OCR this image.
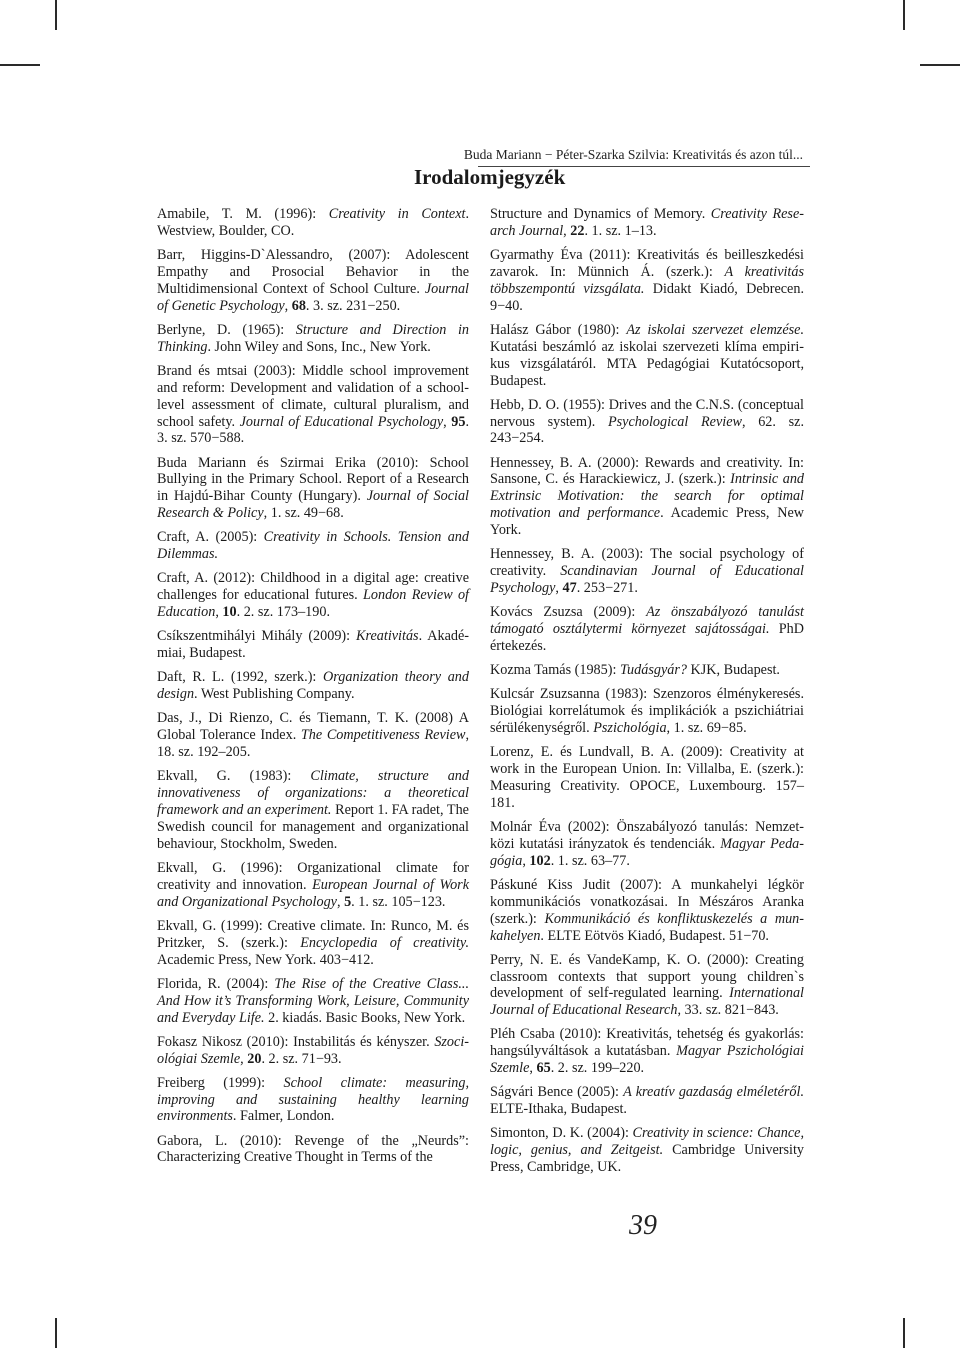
Buda Mariann − Péter-Szarka Szilvia: Kreativitás és azon túl...
Irodalomjegyzék

Amabile, T. M. (1996): Creativity in Context. Westview, Boulder, CO.

Barr, Higgins-D`Alessandro, (2007): Adolescent Empathy and Prosocial Behavior in the Multidimensional Context of School Culture. Journal of Genetic Psychology, 68. 3. sz. 231−250.

Berlyne, D. (1965): Structure and Direction in Thinking. John Wiley and Sons, Inc., New York.

Brand és mtsai (2003): Middle school improvement and reform: Development and validation of a school-level assessment of climate, cultural pluralism, and school safety. Journal of Educational Psychology, 95. 3. sz. 570−588.

Buda Mariann és Szirmai Erika (2010): School Bullying in the Primary School. Report of a Research in Hajdú-Bihar County (Hungary). Journal of Social Research & Policy, 1. sz. 49−68.

Craft, A. (2005): Creativity in Schools. Tension and Dilemmas.

Craft, A. (2012): Childhood in a digital age: creative challenges for educational futures. London Review of Education, 10. 2. sz. 173–190.

Csíkszentmihályi Mihály (2009): Kreativitás. Akadémiai, Budapest.

Daft, R. L. (1992, szerk.): Organization theory and design. West Publishing Company.

Das, J., Di Rienzo, C. és Tiemann, T. K. (2008) A Global Tolerance Index. The Competitiveness Review, 18. sz. 192–205.

Ekvall, G. (1983): Climate, structure and innovativeness of organizations: a theoretical framework and an experiment. Report 1. FA radet, The Swedish council for management and organizational behaviour, Stockholm, Sweden.

Ekvall, G. (1996): Organizational climate for creativity and innovation. European Journal of Work and Organizational Psychology, 5. 1. sz. 105−123.

Ekvall, G. (1999): Creative climate. In: Runco, M. és Pritzker, S. (szerk.): Encyclopedia of creativity. Academic Press, New York. 403−412.

Florida, R. (2004): The Rise of the Creative Class... And How it’s Transforming Work, Leisure, Community and Everyday Life. 2. kiadás. Basic Books, New York.

Fokasz Nikosz (2010): Instabilitás és kényszer. Szociológiai Szemle, 20. 2. sz. 71−93.

Freiberg (1999): School climate: measuring, improving and sustaining healthy learning environments. Falmer, London.

Gabora, L. (2010): Revenge of the „Neurds”: Characterizing Creative Thought in Terms of the

Structure and Dynamics of Memory. Creativity Research Journal, 22. 1. sz. 1–13.

Gyarmathy Éva (2011): Kreativitás és beilleszkedési zavarok. In: Münnich Á. (szerk.): A kreativitás többszempontú vizsgálata. Didakt Kiadó, Debrecen. 9−40.

Halász Gábor (1980): Az iskolai szervezet elemzése. Kutatási beszámló az iskolai szervezeti klíma empirikus vizsgálatáról. MTA Pedagógiai Kutatócsoport, Budapest.

Hebb, D. O. (1955): Drives and the C.N.S. (conceptual nervous system). Psychological Review, 62. sz. 243−254.

Hennessey, B. A. (2000): Rewards and creativity. In: Sansone, C. és Harackiewicz, J. (szerk.): Intrinsic and Extrinsic Motivation: the search for optimal motivation and performance. Academic Press, New York.

Hennessey, B. A. (2003): The social psychology of creativity. Scandinavian Journal of Educational Psychology, 47. 253−271.

Kovács Zsuzsa (2009): Az önszabályozó tanulást támogató osztálytermi környezet sajátosságai. PhD értekezés.

Kozma Tamás (1985): Tudásgyár? KJK, Budapest.

Kulcsár Zsuzsanna (1983): Szenzoros élménykeresés. Biológiai korrelátumok és implikációk a pszichiátriai sérülékenységről. Pszichológia, 1. sz. 69−85.

Lorenz, E. és Lundvall, B. A. (2009): Creativity at work in the European Union. In: Villalba, E. (szerk.): Measuring Creativity. OPOCE, Luxembourg. 157–181.

Molnár Éva (2002): Önszabályozó tanulás: Nemzetközi kutatási irányzatok és tendenciák. Magyar Pedagógia, 102. 1. sz. 63–77.

Páskuné Kiss Judit (2007): A munkahelyi légkör kommunikációs vonatkozásai. In Mészáros Aranka (szerk.): Kommunikáció és konfliktuskezelés a munkahelyen. ELTE Eötvös Kiadó, Budapest. 51−70.

Perry, N. E. és VandeKamp, K. O. (2000): Creating classroom contexts that support young children`s development of self-regulated learning. International Journal of Educational Research, 33. sz. 821−843.

Pléh Csaba (2010): Kreativitás, tehetség és gyakorlás: hangsúlyváltások a kutatásban. Magyar Pszichológiai Szemle, 65. 2. sz. 199–220.

Ságvári Bence (2005): A kreatív gazdaság elméletéről. ELTE-Ithaka, Budapest.

Simonton, D. K. (2004): Creativity in science: Chance, logic, genius, and Zeitgeist. Cambridge University Press, Cambridge, UK.

39
